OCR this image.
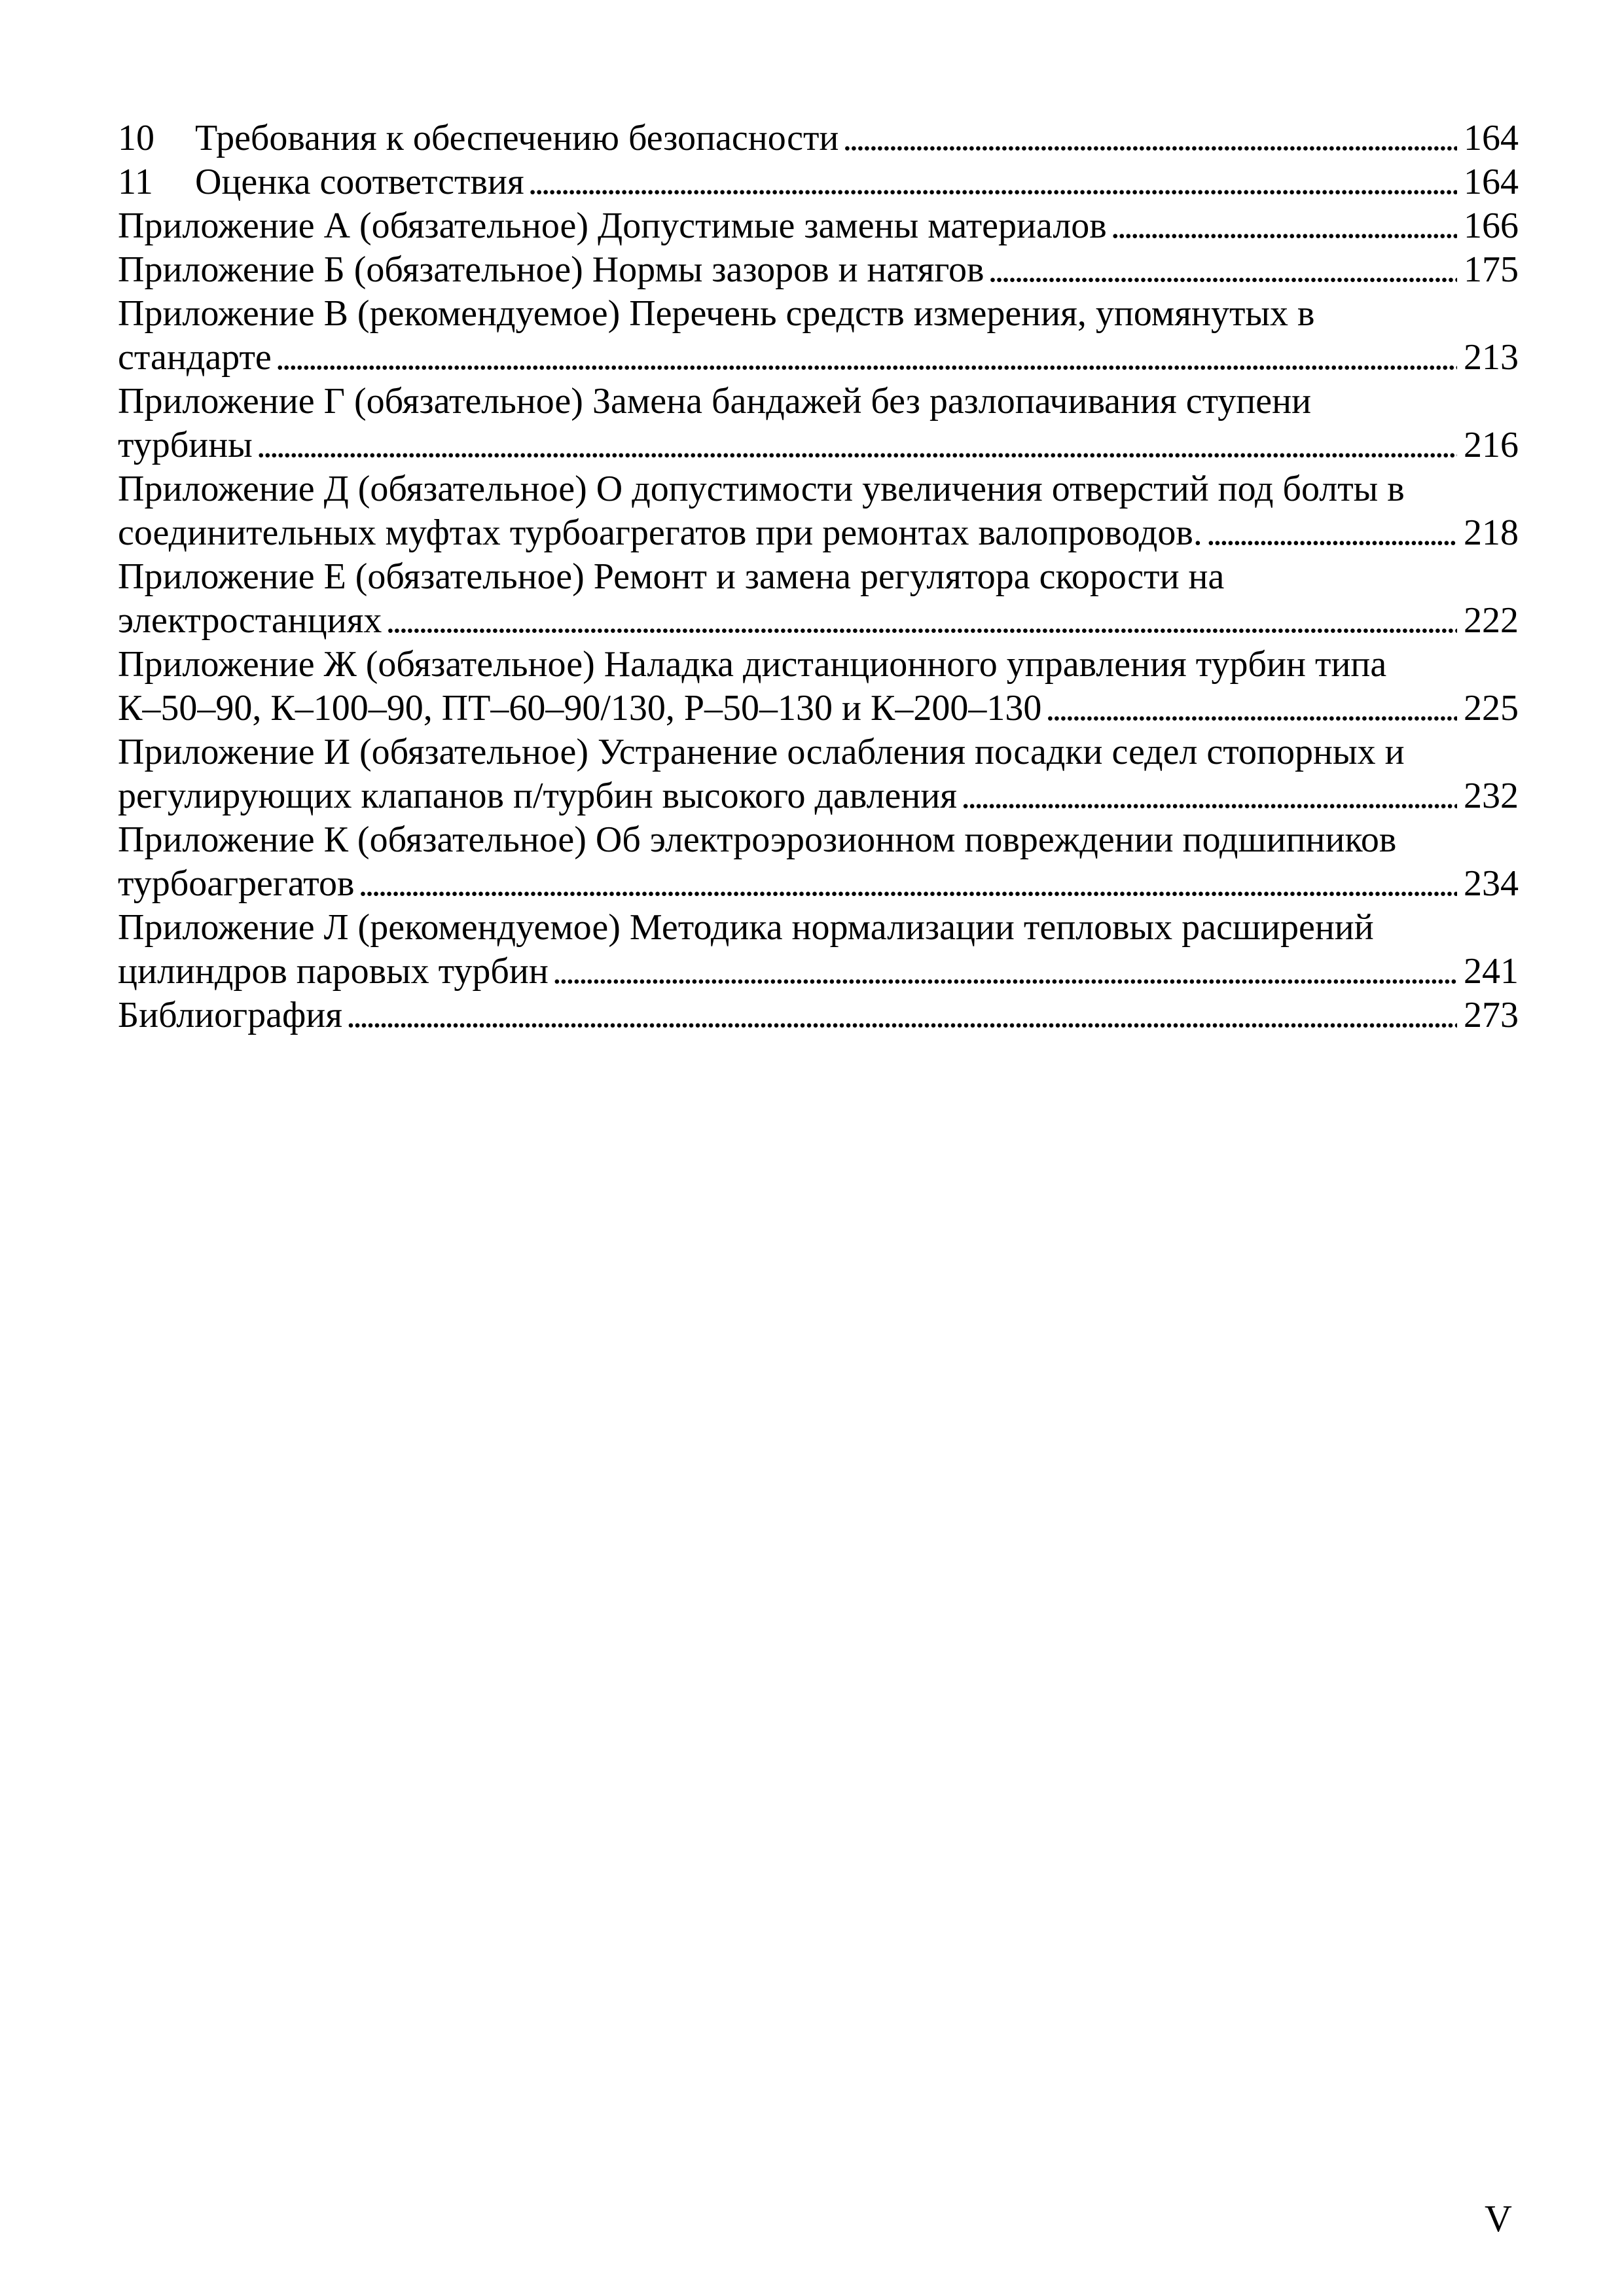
10 Требования к обеспечению безопасности . . .	164
11 Оценка соответствия . . .	164
Приложение А (обязательное) Допустимые замены материалов . . .	166
Приложение Б (обязательное) Нормы зазоров и натягов . . .	175
Приложение В (рекомендуемое) Перечень средств измерения, упомянутых в
стандарте . . .	213
Приложение Г (обязательное) Замена бандажей без разлопачивания ступени
турбины . . .	216
Приложение Д (обязательное) О допустимости увеличения отверстий под болты в
соединительных муфтах турбоагрегатов при ремонтах валопроводов. . . .	218
Приложение Е (обязательное) Ремонт и замена регулятора скорости на
электростанциях . . .	222
Приложение Ж (обязательное) Наладка дистанционного управления турбин типа
К–50–90, К–100–90, ПТ–60–90/130, Р–50–130 и К–200–130 . . .	225
Приложение И (обязательное) Устранение ослабления посадки седел стопорных и
регулирующих клапанов п/турбин высокого давления . . .	232
Приложение К (обязательное) Об электроэрозионном повреждении подшипников
турбоагрегатов . . .	234
Приложение Л (рекомендуемое) Методика нормализации тепловых расширений
цилиндров паровых турбин . . .	241
Библиография . . .	273
V
